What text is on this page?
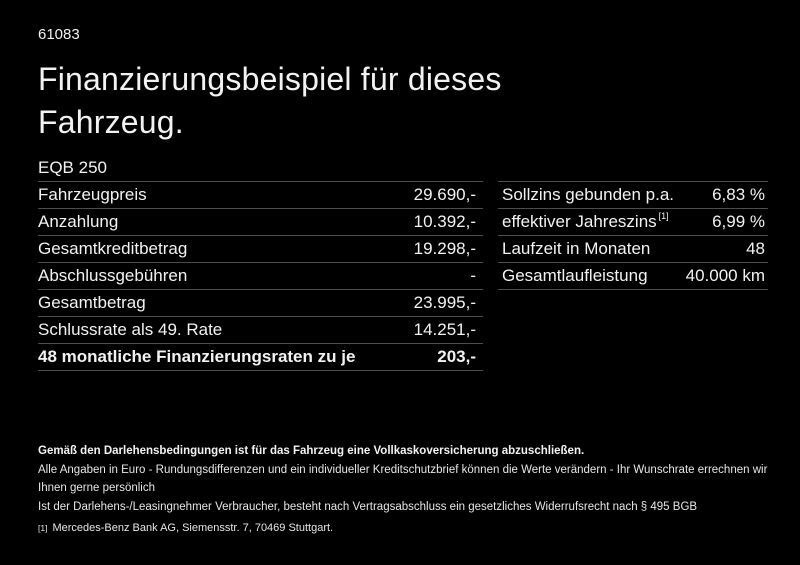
61083
Finanzierungsbeispiel für dieses Fahrzeug.
EQB 250
Fahrzeugpreis	29.690,-
Anzahlung	10.392,-
Gesamtkreditbetrag	19.298,-
Abschlussgebühren	-
Gesamtbetrag	23.995,-
Schlussrate als 49. Rate	14.251,-
48 monatliche Finanzierungsraten zu je	203,-
Sollzins gebunden p.a. 6,83 %
effektiver Jahreszins [1]	6,99 %
Laufzeit in Monaten	48
Gesamtlaufleistung 40.000 km
Gemäß den Darlehensbedingungen ist für das Fahrzeug eine Vollkaskoversicherung abzuschließen.
Alle Angaben in Euro - Rundungsdifferenzen und ein individueller Kreditschutzbrief können die Werte verändern - Ihr Wunschrate errechnen wir Ihnen gerne persönlich
Ist der Darlehens-/Leasingnehmer Verbraucher, besteht nach Vertragsabschluss ein gesetzliches Widerrufsrecht nach § 495 BGB
[1] Mercedes-Benz Bank AG, Siemensstr. 7, 70469 Stuttgart.
